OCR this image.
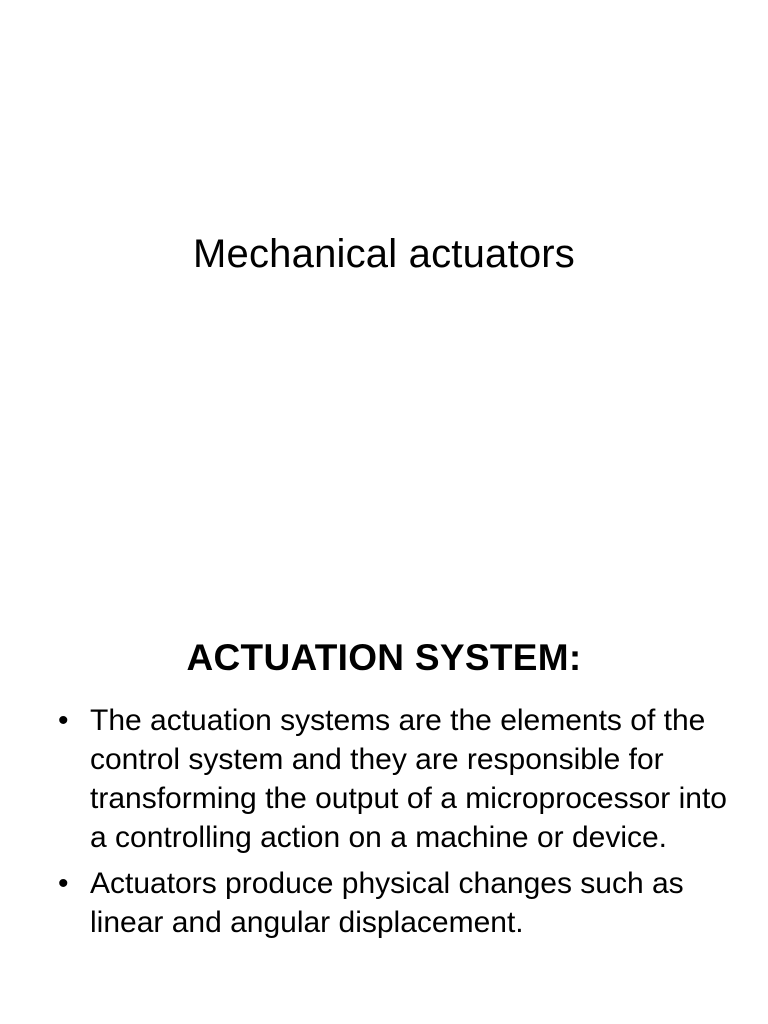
Mechanical actuators
ACTUATION SYSTEM:
• The actuation systems are the elements of the control system and they are responsible for transforming the output of a microprocessor into a controlling action on a machine or device.
• Actuators produce physical changes such as linear and angular displacement.
